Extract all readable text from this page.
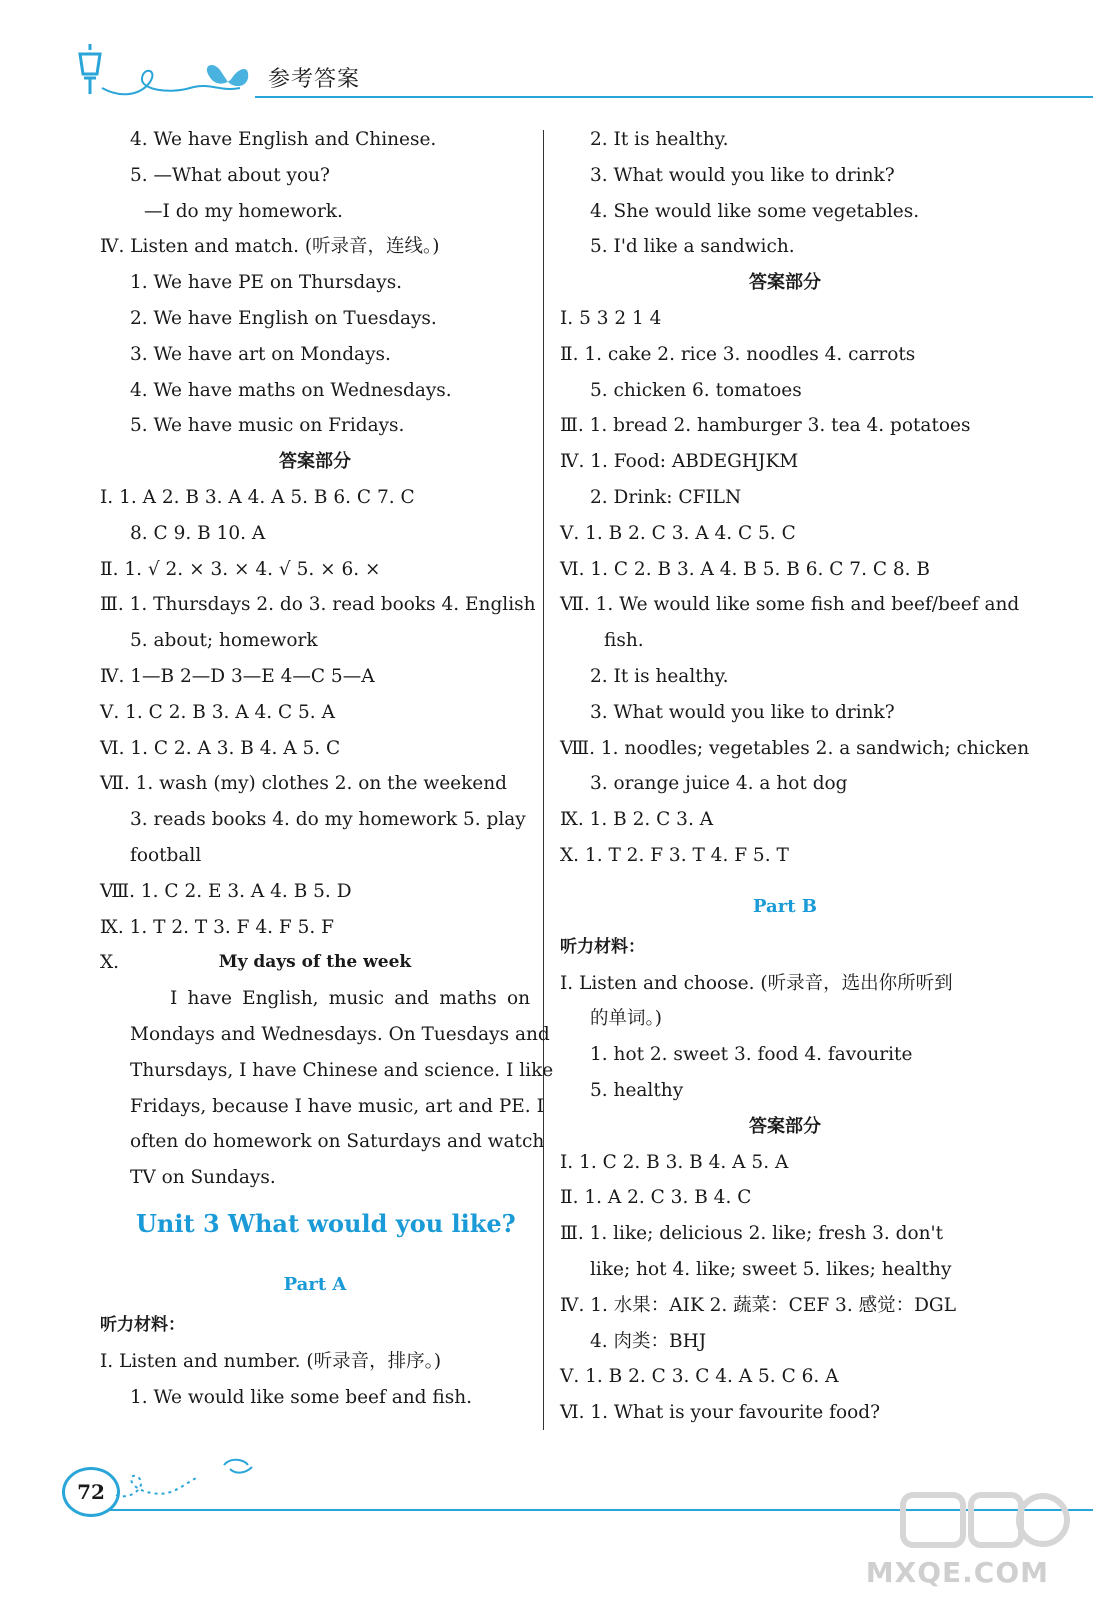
参考答案
4. We have English and Chinese.
5. —What about you?
—I do my homework.
Ⅳ. Listen and match. (听录音，连线。)
1. We have PE on Thursdays.
2. We have English on Tuesdays.
3. We have art on Mondays.
4. We have maths on Wednesdays.
5. We have music on Fridays.
答案部分
Ⅰ. 1. A 2. B 3. A 4. A 5. B 6. C 7. C
8. C 9. B 10. A
Ⅱ. 1. √ 2. × 3. × 4. √ 5. × 6. ×
Ⅲ. 1. Thursdays 2. do 3. read books 4. English
5. about; homework
Ⅳ. 1—B 2—D 3—E 4—C 5—A
Ⅴ. 1. C 2. B 3. A 4. C 5. A
Ⅵ. 1. C 2. A 3. B 4. A 5. C
Ⅶ. 1. wash (my) clothes 2. on the weekend
3. reads books 4. do my homework 5. play
football
Ⅷ. 1. C 2. E 3. A 4. B 5. D
Ⅸ. 1. T 2. T 3. F 4. F 5. F
Ⅹ.	My days of the week
I have English, music and maths on
Mondays and Wednesdays. On Tuesdays and
Thursdays, I have Chinese and science. I like
Fridays, because I have music, art and PE. I
often do homework on Saturdays and watch
TV on Sundays.
Unit 3 What would you like?
Part A
听力材料：
Ⅰ. Listen and number. (听录音，排序。)
1. We would like some beef and fish.
2. It is healthy.
3. What would you like to drink?
4. She would like some vegetables.
5. I'd like a sandwich.
答案部分
Ⅰ. 5 3 2 1 4
Ⅱ. 1. cake 2. rice 3. noodles 4. carrots
5. chicken 6. tomatoes
Ⅲ. 1. bread 2. hamburger 3. tea 4. potatoes
Ⅳ. 1. Food: ABDEGHJKM
2. Drink: CFILN
Ⅴ. 1. B 2. C 3. A 4. C 5. C
Ⅵ. 1. C 2. B 3. A 4. B 5. B 6. C 7. C 8. B
Ⅶ. 1. We would like some fish and beef/beef and
fish.
2. It is healthy.
3. What would you like to drink?
Ⅷ. 1. noodles; vegetables 2. a sandwich; chicken
3. orange juice 4. a hot dog
Ⅸ. 1. B 2. C 3. A
Ⅹ. 1. T 2. F 3. T 4. F 5. T
Part B
听力材料：
Ⅰ. Listen and choose. (听录音，选出你所听到
的单词。)
1. hot 2. sweet 3. food 4. favourite
5. healthy
答案部分
Ⅰ. 1. C 2. B 3. B 4. A 5. A
Ⅱ. 1. A 2. C 3. B 4. C
Ⅲ. 1. like; delicious 2. like; fresh 3. don't
like; hot 4. like; sweet 5. likes; healthy
Ⅳ. 1. 水果：AIK 2. 蔬菜：CEF 3. 感觉：DGL
4. 肉类：BHJ
Ⅴ. 1. B 2. C 3. C 4. A 5. C 6. A
Ⅵ. 1. What is your favourite food?
72
MXQE.COM
